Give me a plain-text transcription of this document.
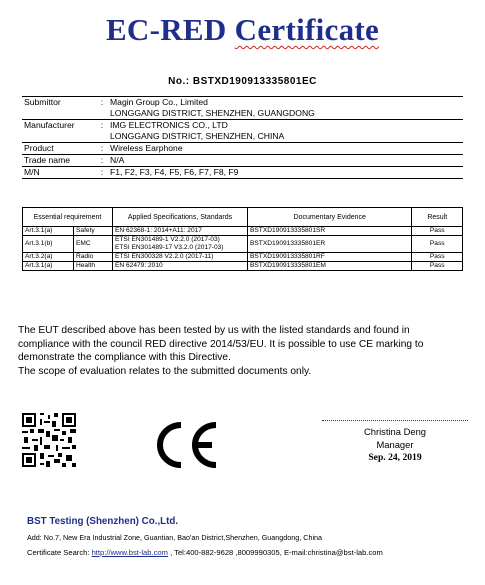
EC-RED Certificate
No.: BSTXD190913335801EC
Submittor	:	Magin Group Co., Limited
LONGGANG DISTRICT, SHENZHEN, GUANGDONG

Manufacturer	:	IMG ELECTRONICS CO., LTD
LONGGANG DISTRICT, SHENZHEN, CHINA

Product	:	Wireless Earphone
Trade name	:	N/A
M/N	:	F1, F2, F3, F4, F5, F6, F7, F8, F9
Essential requirement		Applied Specifications, Standards	Documentary Evidence	Result
Art.3.1(a)	Safety	EN 62368-1: 2014+A11: 2017	BSTXD190913335801SR	Pass
Art.3.1(b)	EMC	ETSI EN301489-1 V2.2.0 (2017-03)
ETSI EN301489-17 V3.2.0 (2017-03)	BSTXD190913335801ER	Pass
Art.3.2(a)	Radio	ETSI EN300328 V2.2.0 (2017-11)	BSTXD190913335801RF	Pass
Art.3.1(a)	Health	EN 62479: 2010	BSTXD190913335801EM	Pass
The EUT described above has been tested by us with the listed standards and found in
compliance with the council RED directive 2014/53/EU. It is possible to use CE marking to
demonstrate the compliance with this Directive.
The scope of evaluation relates to the submitted documents only.
Christina Deng
Manager
Sep. 24, 2019
BST Testing (Shenzhen) Co.,Ltd.
Add: No.7, New Era Industrial Zone, Guantian, Bao'an District,Shenzhen, Guangdong, China
Certificate Search: http://www.bst-lab.com , Tel:400-882-9628 ,8009990305, E-mail:christina@bst-lab.com
